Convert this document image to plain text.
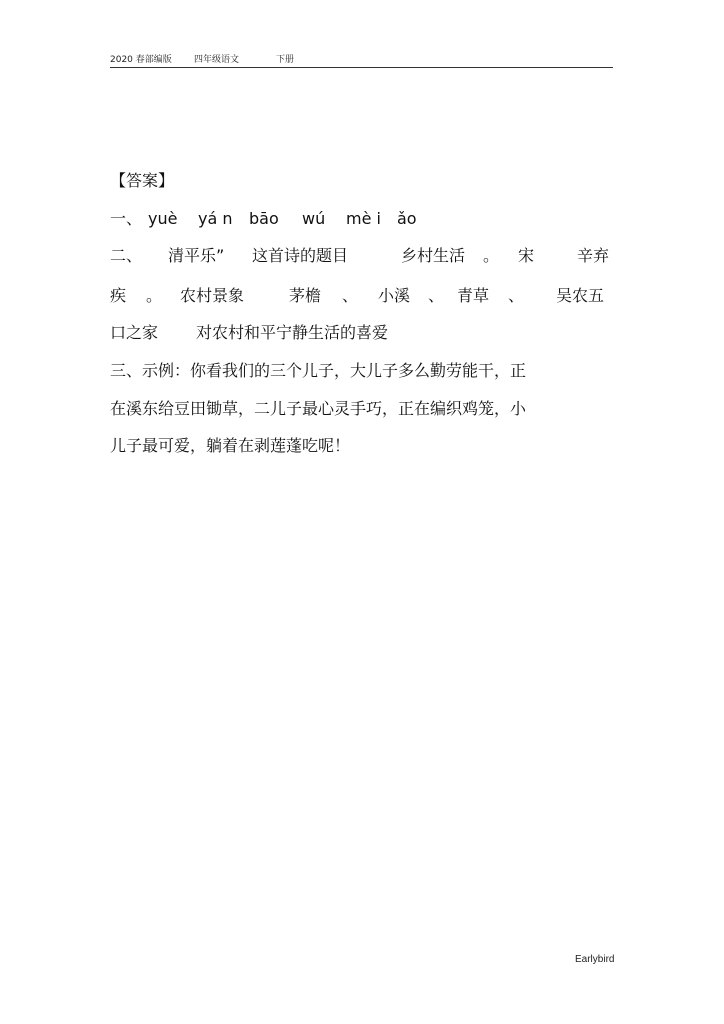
2020 春部编版 四年级语文	下册
【答案】
一、 yuè yá n bāo wú mè i ǎo
二、 清平乐” 这首诗的题目	乡村生活 。 宋	辛弃
疾 。 农村景象	茅檐 、 小溪 、 青草 、 吴农五
口之家 对农村和平宁静生活的喜爱
三、示例：你看我们的三个儿子，大儿子多么勤劳能干，正
在溪东给豆田锄草，二儿子最心灵手巧，正在编织鸡笼，小
儿子最可爱，躺着在剥莲蓬吃呢！
Earlybird
